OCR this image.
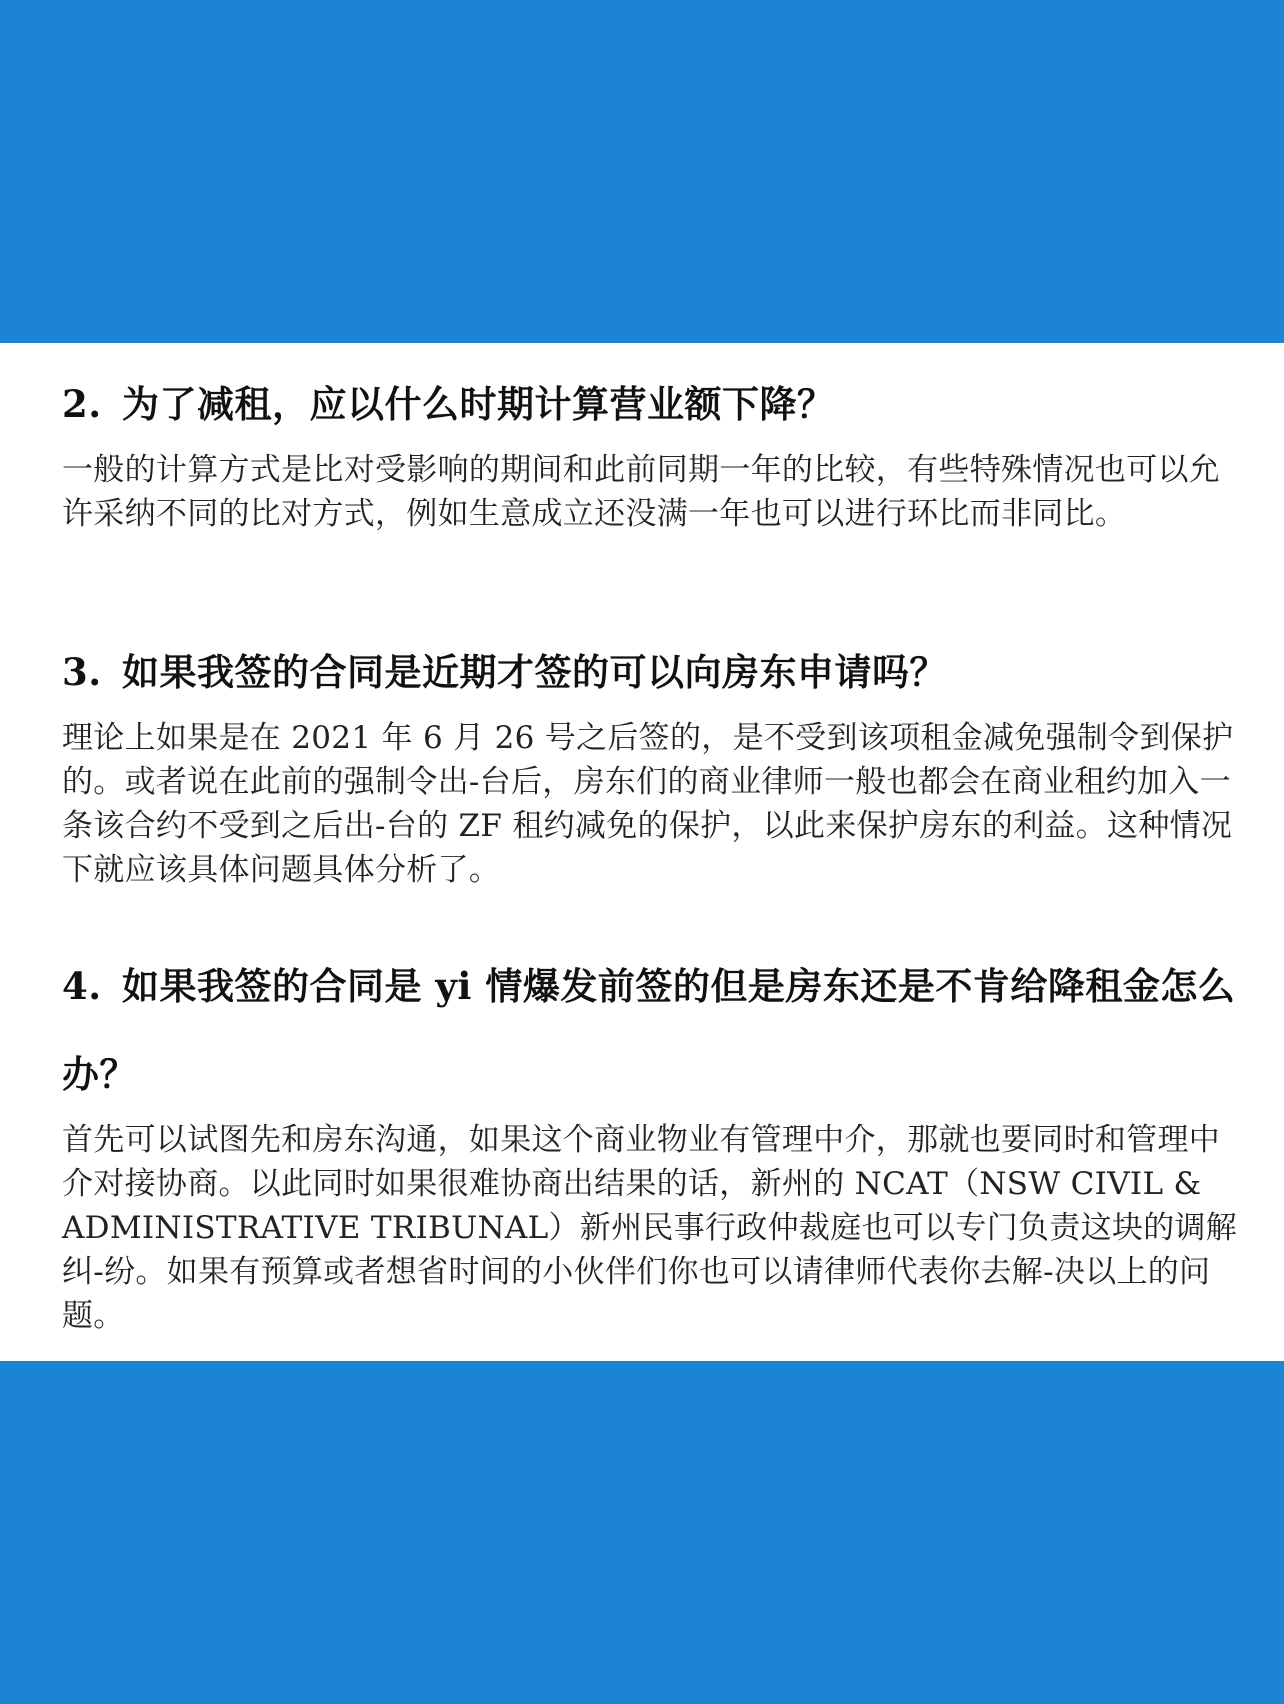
2. 为了减租，应以什么时期计算营业额下降？

一般的计算方式是比对受影响的期间和此前同期一年的比较，有些特殊情况也可以允许采纳不同的比对方式，例如生意成立还没满一年也可以进行环比而非同比。

3. 如果我签的合同是近期才签的可以向房东申请吗？

理论上如果是在 2021 年 6 月 26 号之后签的，是不受到该项租金减免强制令到保护的。或者说在此前的强制令出-台后，房东们的商业律师一般也都会在商业租约加入一条该合约不受到之后出-台的 ZF 租约减免的保护，以此来保护房东的利益。这种情况下就应该具体问题具体分析了。

4. 如果我签的合同是 yi 情爆发前签的但是房东还是不肯给降租金怎么办？

首先可以试图先和房东沟通，如果这个商业物业有管理中介，那就也要同时和管理中介对接协商。以此同时如果很难协商出结果的话，新州的 NCAT（NSW CIVIL & ADMINISTRATIVE TRIBUNAL）新州民事行政仲裁庭也可以专门负责这块的调解纠-纷。如果有预算或者想省时间的小伙伴们你也可以请律师代表你去解-决以上的问题。
